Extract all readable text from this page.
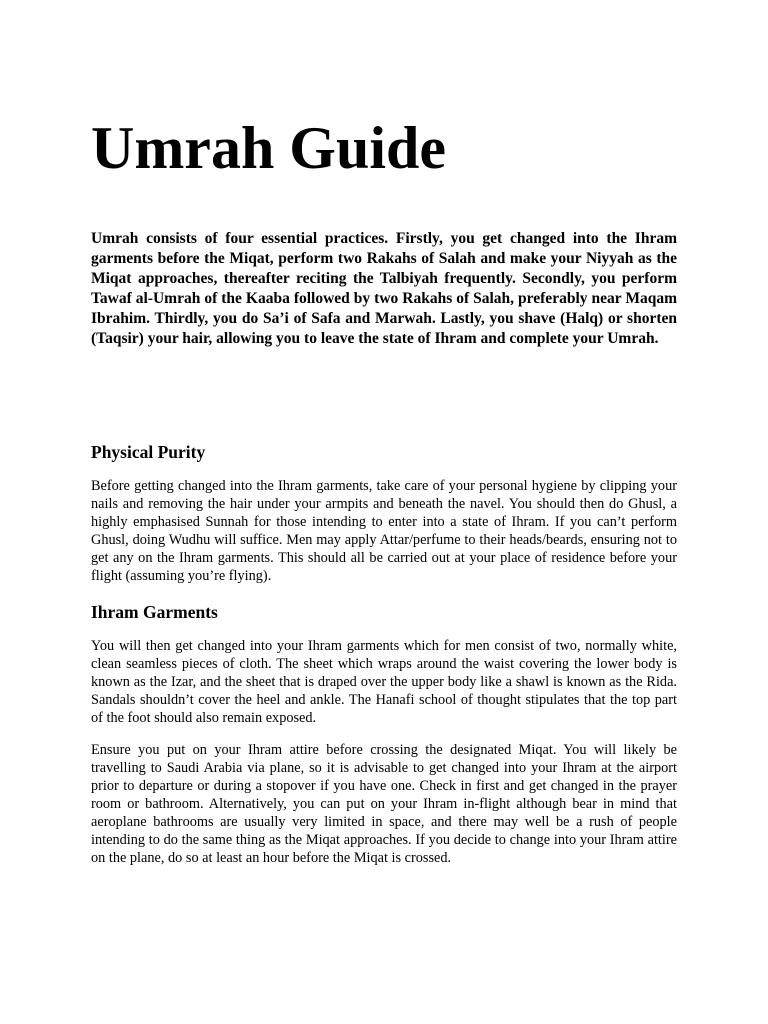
Umrah Guide

Umrah consists of four essential practices. Firstly, you get changed into the Ihram garments before the Miqat, perform two Rakahs of Salah and make your Niyyah as the Miqat approaches, thereafter reciting the Talbiyah frequently. Secondly, you perform Tawaf al-Umrah of the Kaaba followed by two Rakahs of Salah, preferably near Maqam Ibrahim. Thirdly, you do Sa’i of Safa and Marwah. Lastly, you shave (Halq) or shorten (Taqsir) your hair, allowing you to leave the state of Ihram and complete your Umrah.

Physical Purity

Before getting changed into the Ihram garments, take care of your personal hygiene by clipping your nails and removing the hair under your armpits and beneath the navel. You should then do Ghusl, a highly emphasised Sunnah for those intending to enter into a state of Ihram. If you can’t perform Ghusl, doing Wudhu will suffice. Men may apply Attar/perfume to their heads/beards, ensuring not to get any on the Ihram garments. This should all be carried out at your place of residence before your flight (assuming you’re flying).

Ihram Garments

You will then get changed into your Ihram garments which for men consist of two, normally white, clean seamless pieces of cloth. The sheet which wraps around the waist covering the lower body is known as the Izar, and the sheet that is draped over the upper body like a shawl is known as the Rida. Sandals shouldn’t cover the heel and ankle. The Hanafi school of thought stipulates that the top part of the foot should also remain exposed.

Ensure you put on your Ihram attire before crossing the designated Miqat. You will likely be travelling to Saudi Arabia via plane, so it is advisable to get changed into your Ihram at the airport prior to departure or during a stopover if you have one. Check in first and get changed in the prayer room or bathroom. Alternatively, you can put on your Ihram in-flight although bear in mind that aeroplane bathrooms are usually very limited in space, and there may well be a rush of people intending to do the same thing as the Miqat approaches. If you decide to change into your Ihram attire on the plane, do so at least an hour before the Miqat is crossed.
